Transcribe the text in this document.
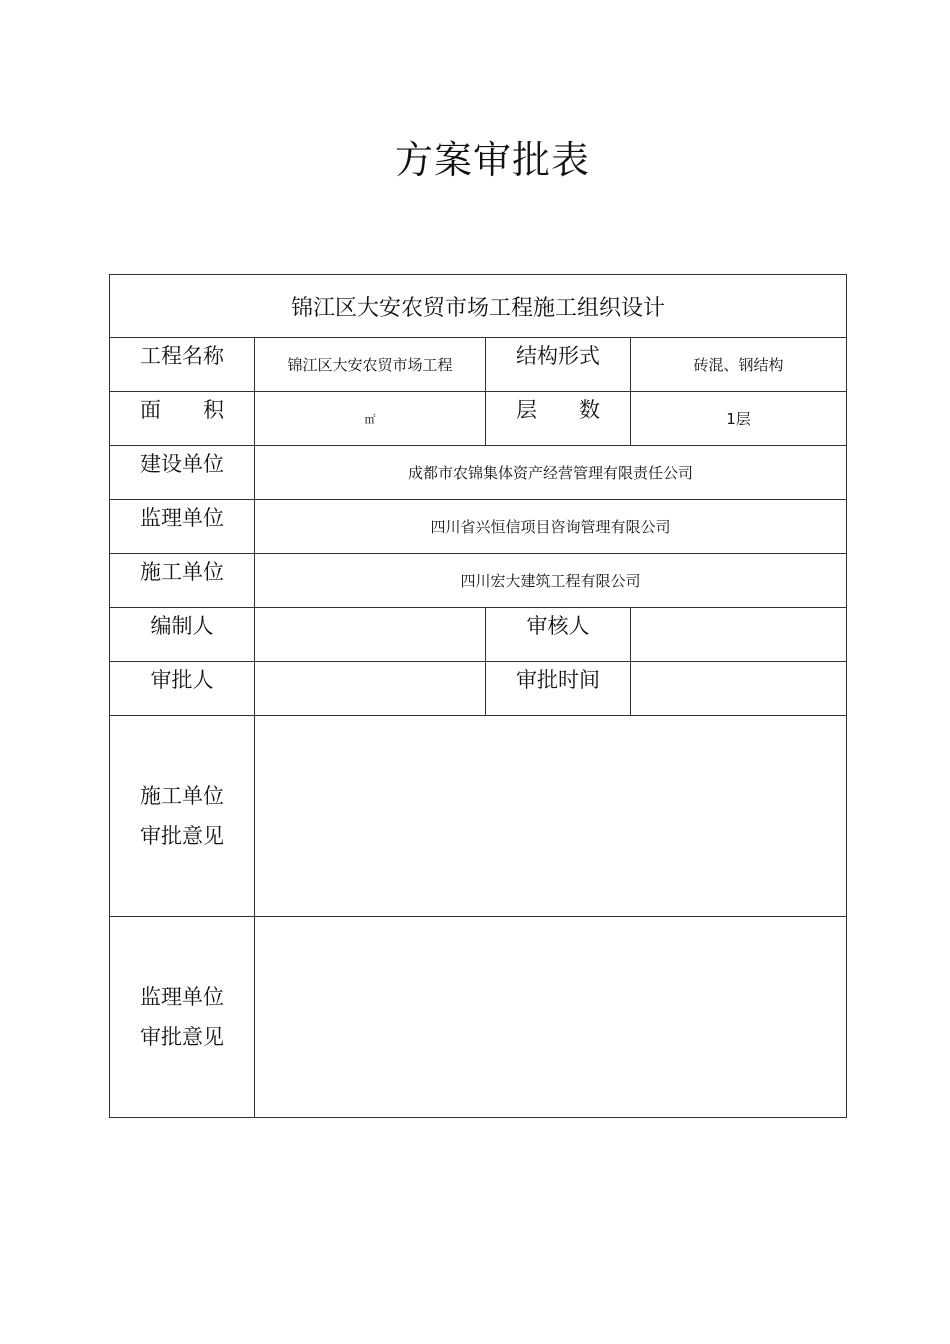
方案审批表
锦江区大安农贸市场工程施工组织设计			
工程名称	锦江区大安农贸市场工程	结构形式	砖混、钢结构
面 积	㎡	层 数	1层
建设单位	成都市农锦集体资产经营管理有限责任公司		
监理单位	四川省兴恒信项目咨询管理有限公司		
施工单位	四川宏大建筑工程有限公司		
编制人		审核人	
审批人		审批时间	

施工单位
审批意见			

监理单位
审批意见			
